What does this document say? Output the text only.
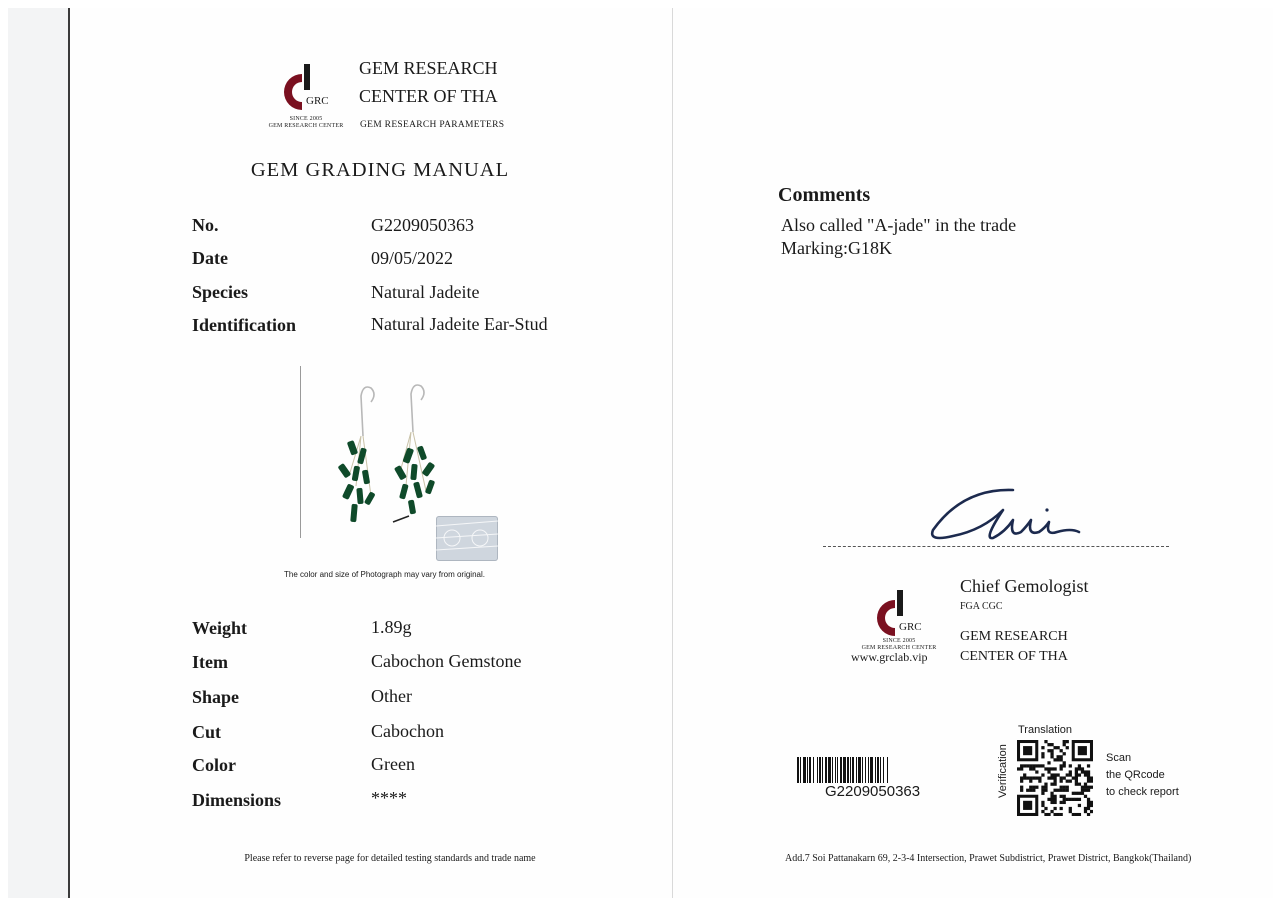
GRC
SINCE 2005
GEM RESEARCH CENTER
GEM RESEARCH
CENTER OF THA
GEM RESEARCH PARAMETERS
GEM GRADING MANUAL
No.	G2209050363
Date	09/05/2022
Species	Natural Jadeite
Identification	Natural Jadeite Ear-Stud
The color and size of Photograph may vary from original.
Weight	1.89g
Item	Cabochon Gemstone
Shape	Other
Cut	Cabochon
Color	Green
Dimensions	****
Please refer to reverse page for detailed testing standards and trade name
Comments
Also called "A-jade" in the trade
Marking:G18K
GRC
SINCE 2005
GEM RESEARCH CENTER
www.grclab.vip
Chief Gemologist
FGA CGC
GEM RESEARCH
CENTER OF THA
G2209050363
Translation
Verification	Scan
the QRcode
to check report
Add.7 Soi Pattanakarn 69, 2-3-4 Intersection, Prawet Subdistrict, Prawet District, Bangkok(Thailand)
